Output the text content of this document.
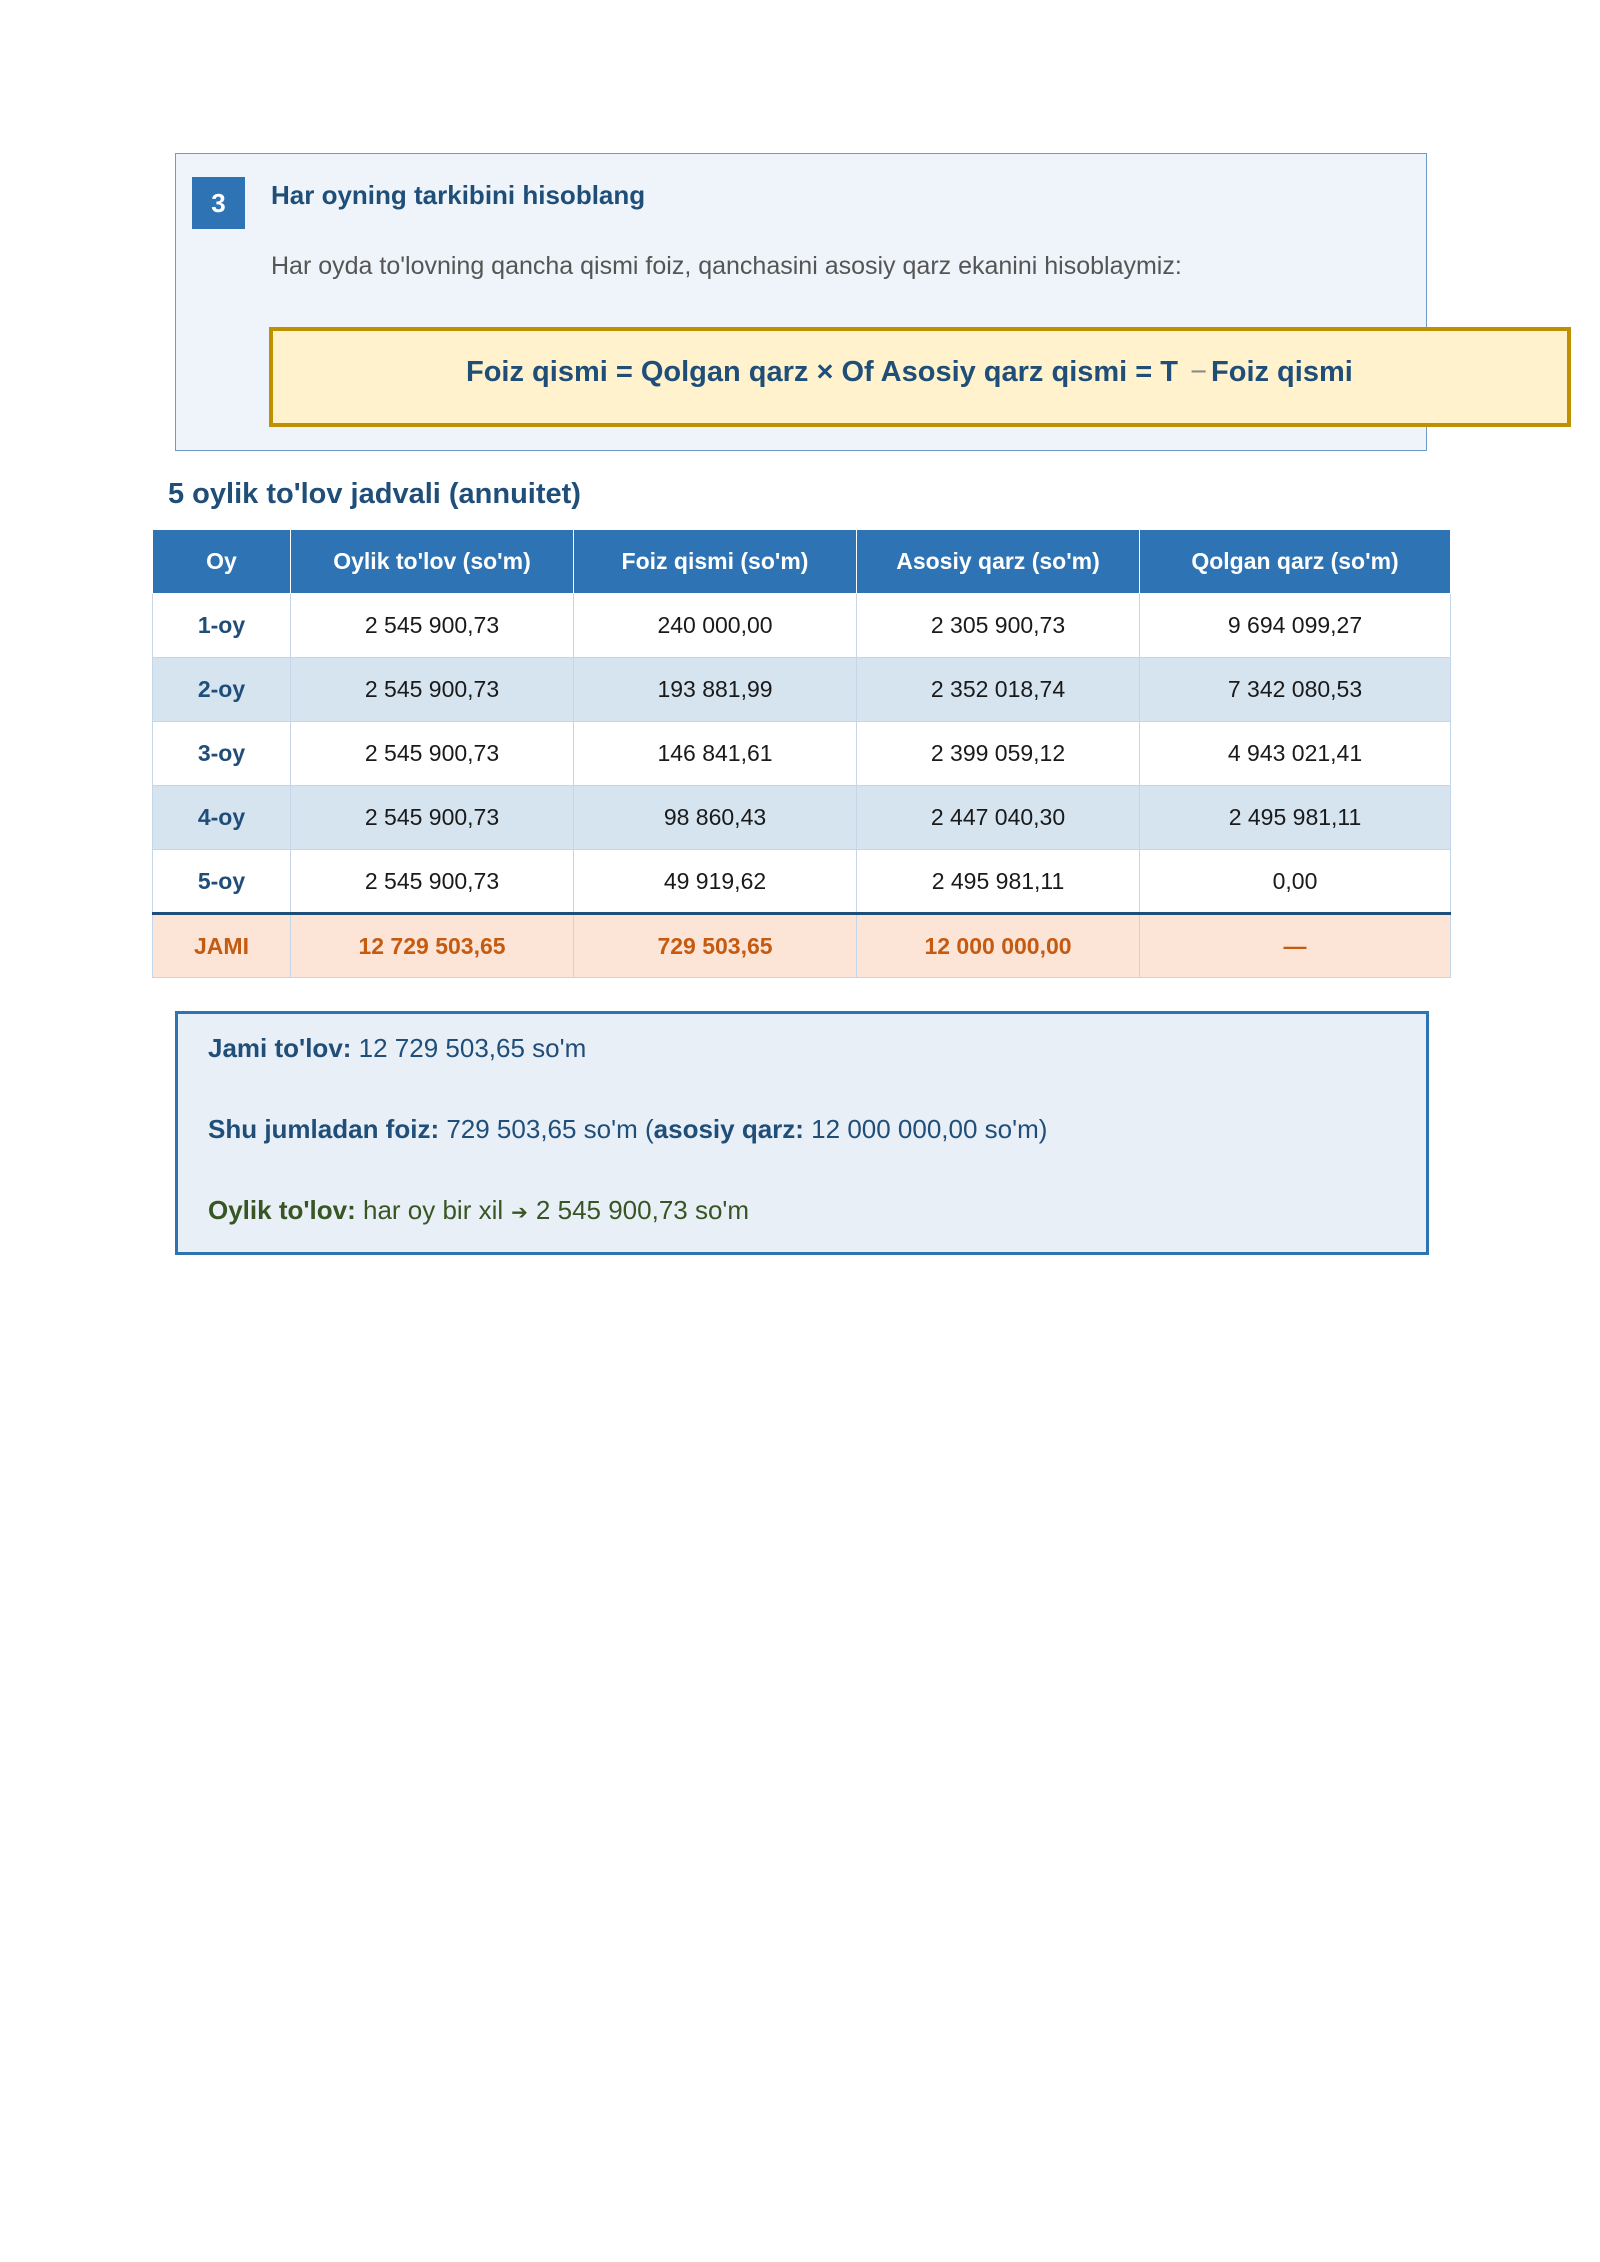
3	Har oyning tarkibini hisoblang
Har oyda to'lovning qancha qismi foiz, qanchasini asosiy qarz ekanini hisoblaymiz:
Foiz qismi = Qolgan qarz × Of Asosiy qarz qismi = T − Foiz qismi
5 oylik to'lov jadvali (annuitet)
Oy	Oylik to'lov (so'm)	Foiz qismi (so'm)	Asosiy qarz (so'm)	Qolgan qarz (so'm)
1-oy	2 545 900,73	240 000,00	2 305 900,73	9 694 099,27
2-oy	2 545 900,73	193 881,99	2 352 018,74	7 342 080,53
3-oy	2 545 900,73	146 841,61	2 399 059,12	4 943 021,41
4-oy	2 545 900,73	98 860,43	2 447 040,30	2 495 981,11
5-oy	2 545 900,73	49 919,62	2 495 981,11	0,00
JAMI	12 729 503,65	729 503,65	12 000 000,00	—
Jami to'lov: 12 729 503,65 so'm
Shu jumladan foiz: 729 503,65 so'm (asosiy qarz: 12 000 000,00 so'm)
Oylik to'lov: har oy bir xil ➔ 2 545 900,73 so'm
